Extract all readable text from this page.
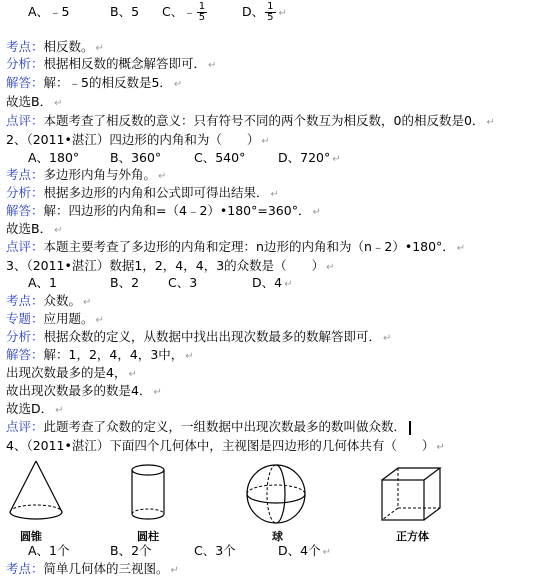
A、﹣5	B、5 C、﹣ $\frac{1}{5}$	D、 $\frac{1}{5}$ ↵
考点：相反数。 ↵
分析：根据相反数的概念解答即可． ↵
解答：解：﹣5的相反数是5． ↵
故选B． ↵
点评：本题考查了相反数的意义：只有符号不同的两个数互为相反数，0的相反数是0． ↵
2、（2011•湛江）四边形的内角和为（　　） ↵
A、180° B、360°	C、540°	D、720° ↵
考点：多边形内角与外角。 ↵
分析：根据多边形的内角和公式即可得出结果． ↵
解答：解：四边形的内角和=（4﹣2）•180°=360°． ↵
故选B． ↵
点评：本题主要考查了多边形的内角和定理：n边形的内角和为（n﹣2）•180°． ↵
3、（2011•湛江）数据1，2，4，4，3的众数是（　　） ↵
A、1	B、2 C、3	D、4 ↵
考点：众数。 ↵
专题：应用题。 ↵
分析：根据众数的定义，从数据中找出出现次数最多的数解答即可． ↵
解答：解：1，2，4，4，3中， ↵
出现次数最多的是4， ↵
故出现次数最多的数是4． ↵
故选D． ↵
点评：此题考查了众数的定义，一组数据中出现次数最多的数叫做众数．
4、（2011•湛江）下面四个几何体中，主视图是四边形的几何体共有（　　） ↵
圆锥	圆柱	球	正方体
A、1个	B、2个	C、3个	D、4个 ↵
考点：简单几何体的三视图。 ↵
